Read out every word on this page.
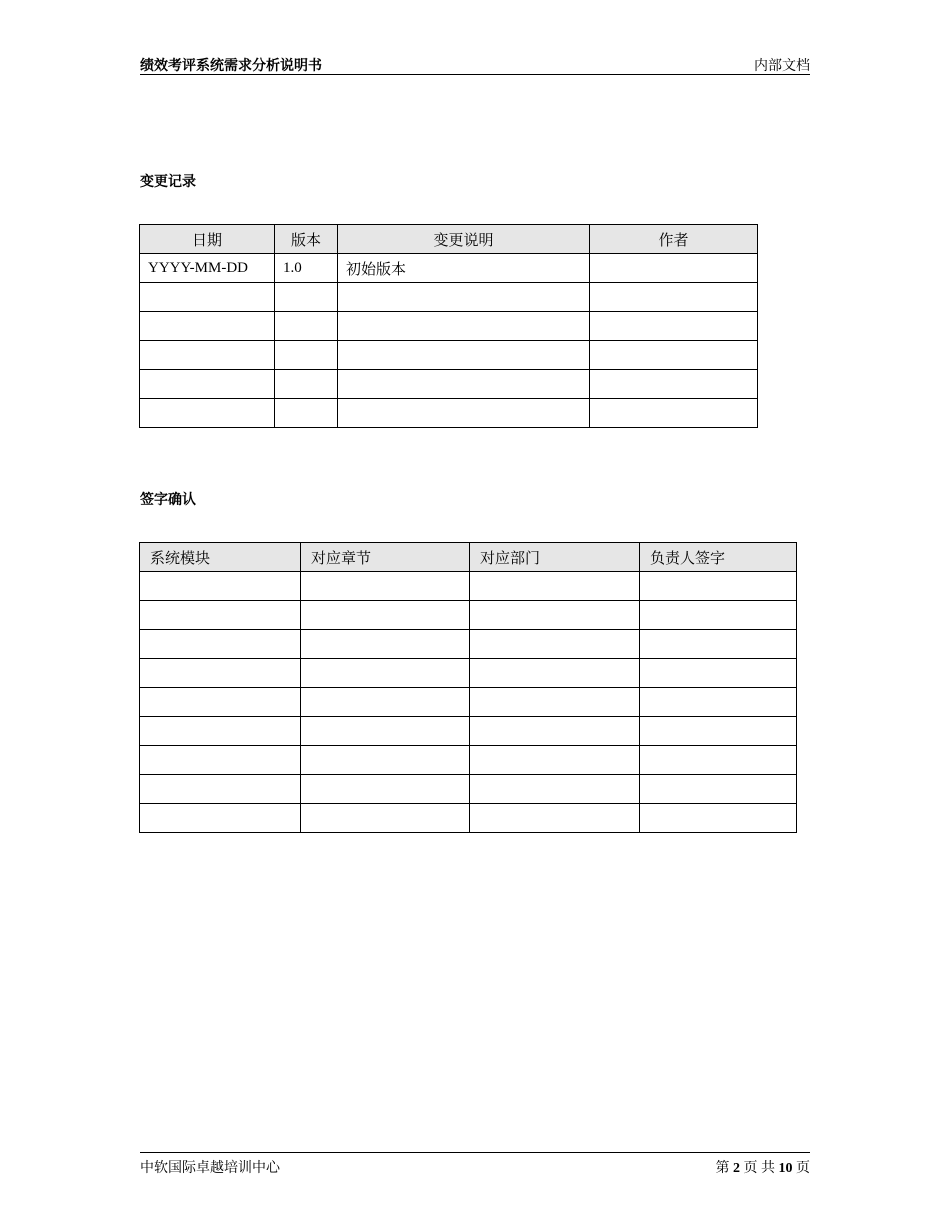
绩效考评系统需求分析说明书	内部文档
变更记录
日期	版本	变更说明	作者
YYYY-MM-DD	1.0	初始版本	

签字确认
系统模块	对应章节	对应部门	负责人签字

中软国际卓越培训中心	第 2 页 共 10 页
